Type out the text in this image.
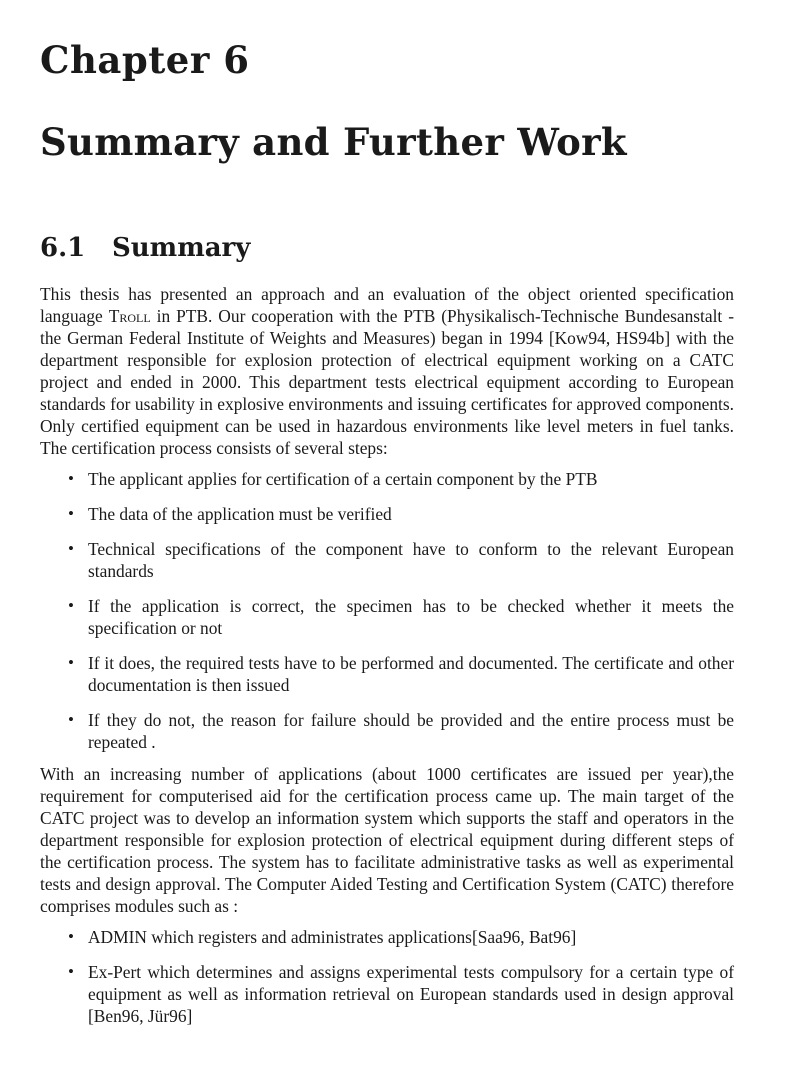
Chapter 6
Summary and Further Work
6.1 Summary

This thesis has presented an approach and an evaluation of the object oriented specification language Troll in PTB. Our cooperation with the PTB (Physikalisch-Technische Bundesanstalt - the German Federal Institute of Weights and Measures) began in 1994 [Kow94, HS94b] with the department responsible for explosion protection of electrical equipment working on a CATC project and ended in 2000. This department tests electrical equipment according to European standards for usability in explosive environments and issuing certificates for approved components. Only certified equipment can be used in hazardous environments like level meters in fuel tanks. The certification process consists of several steps:

• The applicant applies for certification of a certain component by the PTB
• The data of the application must be verified
• Technical specifications of the component have to conform to the relevant European standards
• If the application is correct, the specimen has to be checked whether it meets the specification or not
• If it does, the required tests have to be performed and documented. The certificate and other documentation is then issued
• If they do not, the reason for failure should be provided and the entire process must be repeated .

With an increasing number of applications (about 1000 certificates are issued per year),the requirement for computerised aid for the certification process came up. The main target of the CATC project was to develop an information system which supports the staff and operators in the department responsible for explosion protection of electrical equipment during different steps of the certification process. The system has to facilitate administrative tasks as well as experimental tests and design approval. The Computer Aided Testing and Certification System (CATC) therefore comprises modules such as :

• ADMIN which registers and administrates applications[Saa96, Bat96]
• Ex-Pert which determines and assigns experimental tests compulsory for a certain type of equipment as well as information retrieval on European standards used in design approval [Ben96, Jür96]
